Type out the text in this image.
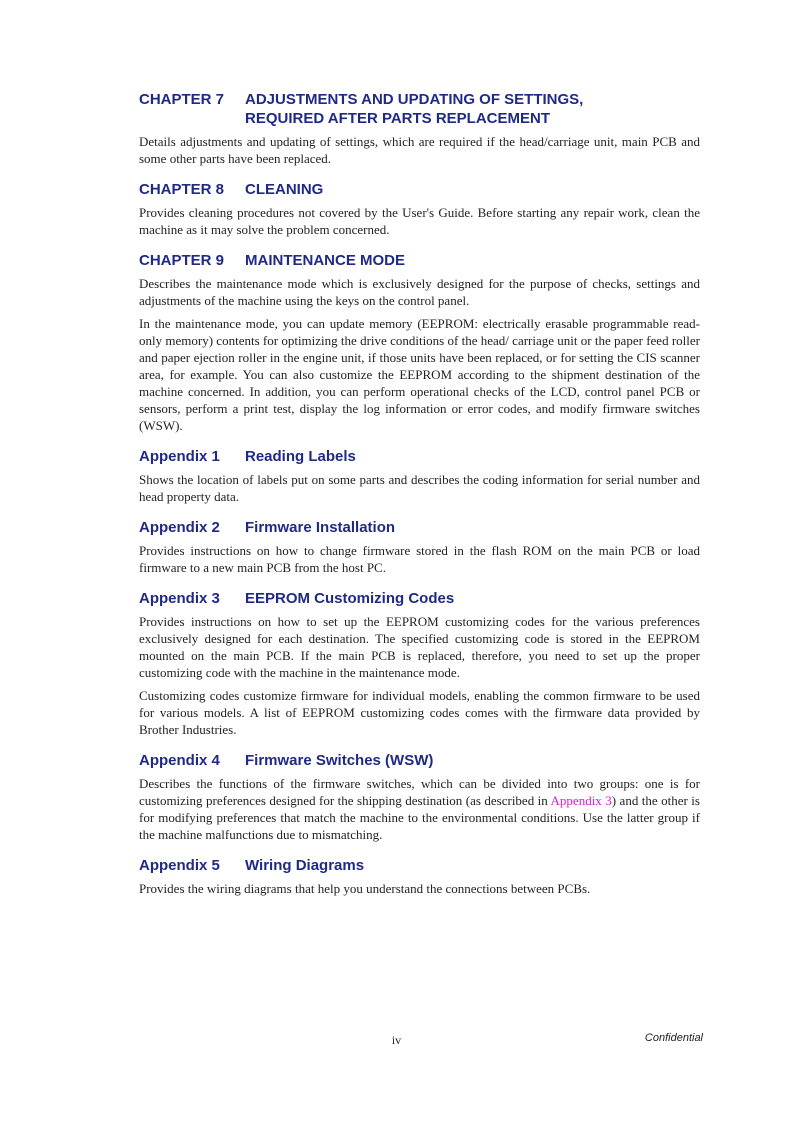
CHAPTER 7	ADJUSTMENTS AND UPDATING OF SETTINGS,
REQUIRED AFTER PARTS REPLACEMENT

Details adjustments and updating of settings, which are required if the head/carriage unit, main PCB and some other parts have been replaced.

CHAPTER 8	CLEANING

Provides cleaning procedures not covered by the User's Guide. Before starting any repair work, clean the machine as it may solve the problem concerned.

CHAPTER 9	MAINTENANCE MODE

Describes the maintenance mode which is exclusively designed for the purpose of checks, settings and adjustments of the machine using the keys on the control panel.

In the maintenance mode, you can update memory (EEPROM: electrically erasable programmable read-only memory) contents for optimizing the drive conditions of the head/ carriage unit or the paper feed roller and paper ejection roller in the engine unit, if those units have been replaced, or for setting the CIS scanner area, for example. You can also customize the EEPROM according to the shipment destination of the machine concerned. In addition, you can perform operational checks of the LCD, control panel PCB or sensors, perform a print test, display the log information or error codes, and modify firmware switches (WSW).

Appendix 1	Reading Labels

Shows the location of labels put on some parts and describes the coding information for serial number and head property data.

Appendix 2	Firmware Installation

Provides instructions on how to change firmware stored in the flash ROM on the main PCB or load firmware to a new main PCB from the host PC.

Appendix 3	EEPROM Customizing Codes

Provides instructions on how to set up the EEPROM customizing codes for the various preferences exclusively designed for each destination. The specified customizing code is stored in the EEPROM mounted on the main PCB. If the main PCB is replaced, therefore, you need to set up the proper customizing code with the machine in the maintenance mode.

Customizing codes customize firmware for individual models, enabling the common firmware to be used for various models. A list of EEPROM customizing codes comes with the firmware data provided by Brother Industries.

Appendix 4	Firmware Switches (WSW)

Describes the functions of the firmware switches, which can be divided into two groups: one is for customizing preferences designed for the shipping destination (as described in Appendix 3) and the other is for modifying preferences that match the machine to the environmental conditions. Use the latter group if the machine malfunctions due to mismatching.

Appendix 5	Wiring Diagrams

Provides the wiring diagrams that help you understand the connections between PCBs.

iv	Confidential
